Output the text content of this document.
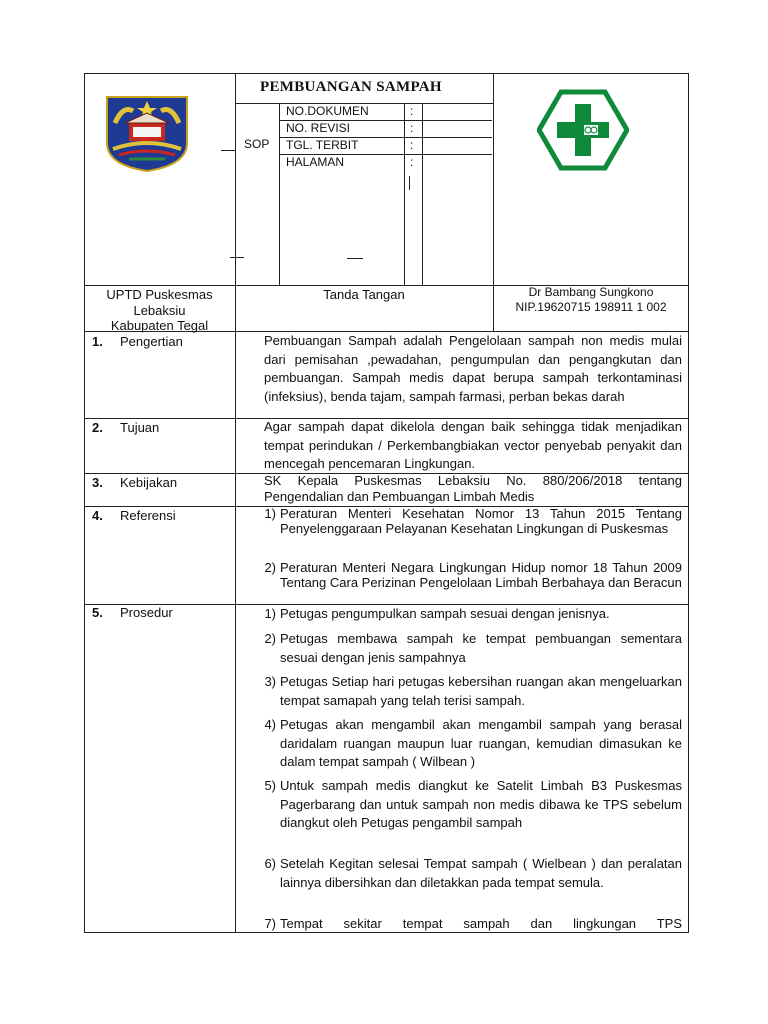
PEMBUANGAN SAMPAH
SOP
NO.DOKUMEN	:
NO. REVISI	:
TGL. TERBIT	:
HALAMAN	:
UPTD Puskesmas
Lebaksiu
Kabupaten Tegal
Tanda Tangan	Dr Bambang Sungkono
NIP.19620715 198911 1 002
1. Pengertian	Pembuangan Sampah adalah Pengelolaan sampah non medis mulai dari pemisahan ,pewadahan, pengumpulan dan pengangkutan dan pembuangan. Sampah medis dapat berupa sampah terkontaminasi (infeksius), benda tajam, sampah farmasi, perban bekas darah
2. Tujuan	Agar sampah dapat dikelola dengan baik sehingga tidak menjadikan tempat perindukan / Perkembangbiakan vector penyebab penyakit dan mencegah pencemaran Lingkungan.
3. Kebijakan	SK Kepala Puskesmas Lebaksiu No. 880/206/2018 tentang Pengendalian dan Pembuangan Limbah Medis
4. Referensi	1) Peraturan Menteri Kesehatan Nomor 13 Tahun 2015 Tentang Penyelenggaraan Pelayanan Kesehatan Lingkungan di Puskesmas
2) Peraturan Menteri Negara Lingkungan Hidup nomor 18 Tahun 2009 Tentang Cara Perizinan Pengelolaan Limbah Berbahaya dan Beracun
5. Prosedur	1) Petugas pengumpulkan sampah sesuai dengan jenisnya.
2) Petugas membawa sampah ke tempat pembuangan sementara sesuai dengan jenis sampahnya
3) Petugas Setiap hari petugas kebersihan ruangan akan mengeluarkan tempat samapah yang telah terisi sampah.
4) Petugas akan mengambil akan mengambil sampah yang berasal daridalam ruangan maupun luar ruangan, kemudian dimasukan ke dalam tempat sampah ( Wilbean )
5) Untuk sampah medis diangkut ke Satelit Limbah B3 Puskesmas Pagerbarang dan untuk sampah non medis dibawa ke TPS sebelum diangkut oleh Petugas pengambil sampah
6) Setelah Kegitan selesai Tempat sampah ( Wielbean ) dan peralatan lainnya dibersihkan dan diletakkan pada tempat semula.
7) Tempat sekitar tempat sampah dan lingkungan TPS
